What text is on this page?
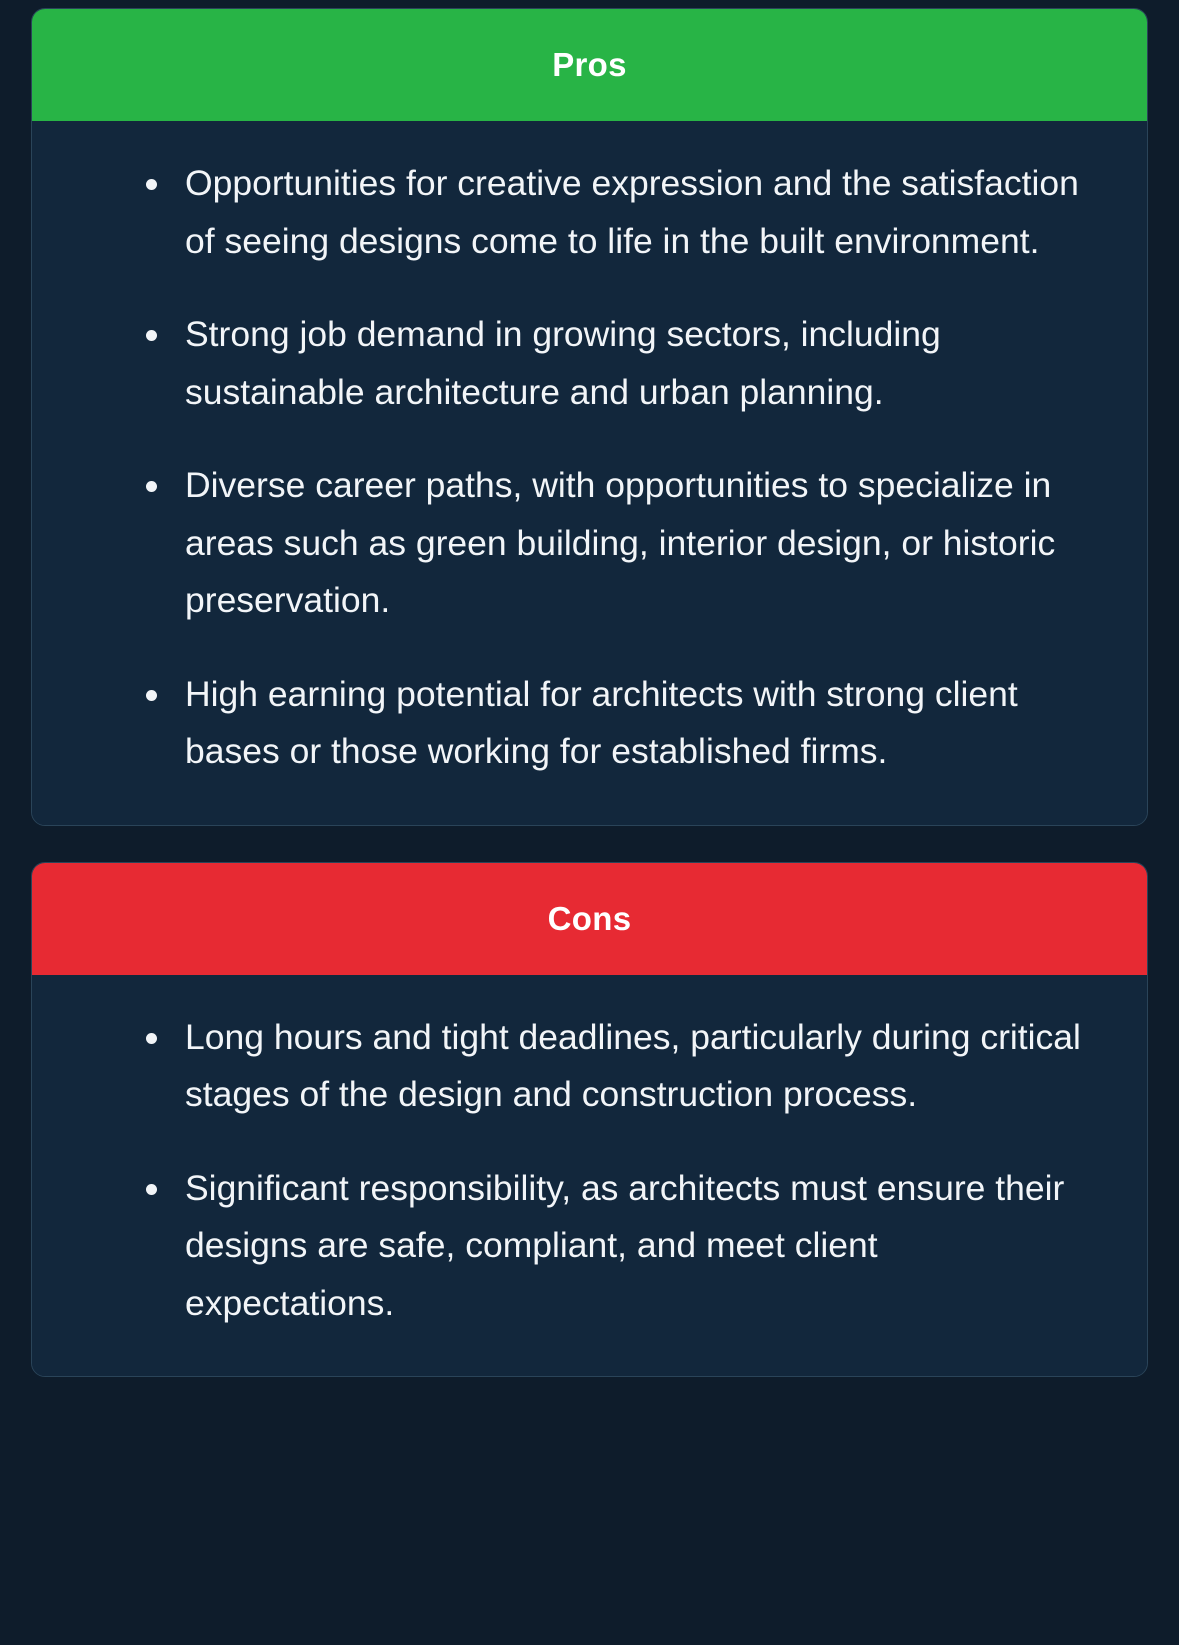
Pros
Opportunities for creative expression and the satisfaction of seeing designs come to life in the built environment.
Strong job demand in growing sectors, including sustainable architecture and urban planning.
Diverse career paths, with opportunities to specialize in areas such as green building, interior design, or historic preservation.
High earning potential for architects with strong client bases or those working for established firms.
Cons
Long hours and tight deadlines, particularly during critical stages of the design and construction process.
Significant responsibility, as architects must ensure their designs are safe, compliant, and meet client expectations.
